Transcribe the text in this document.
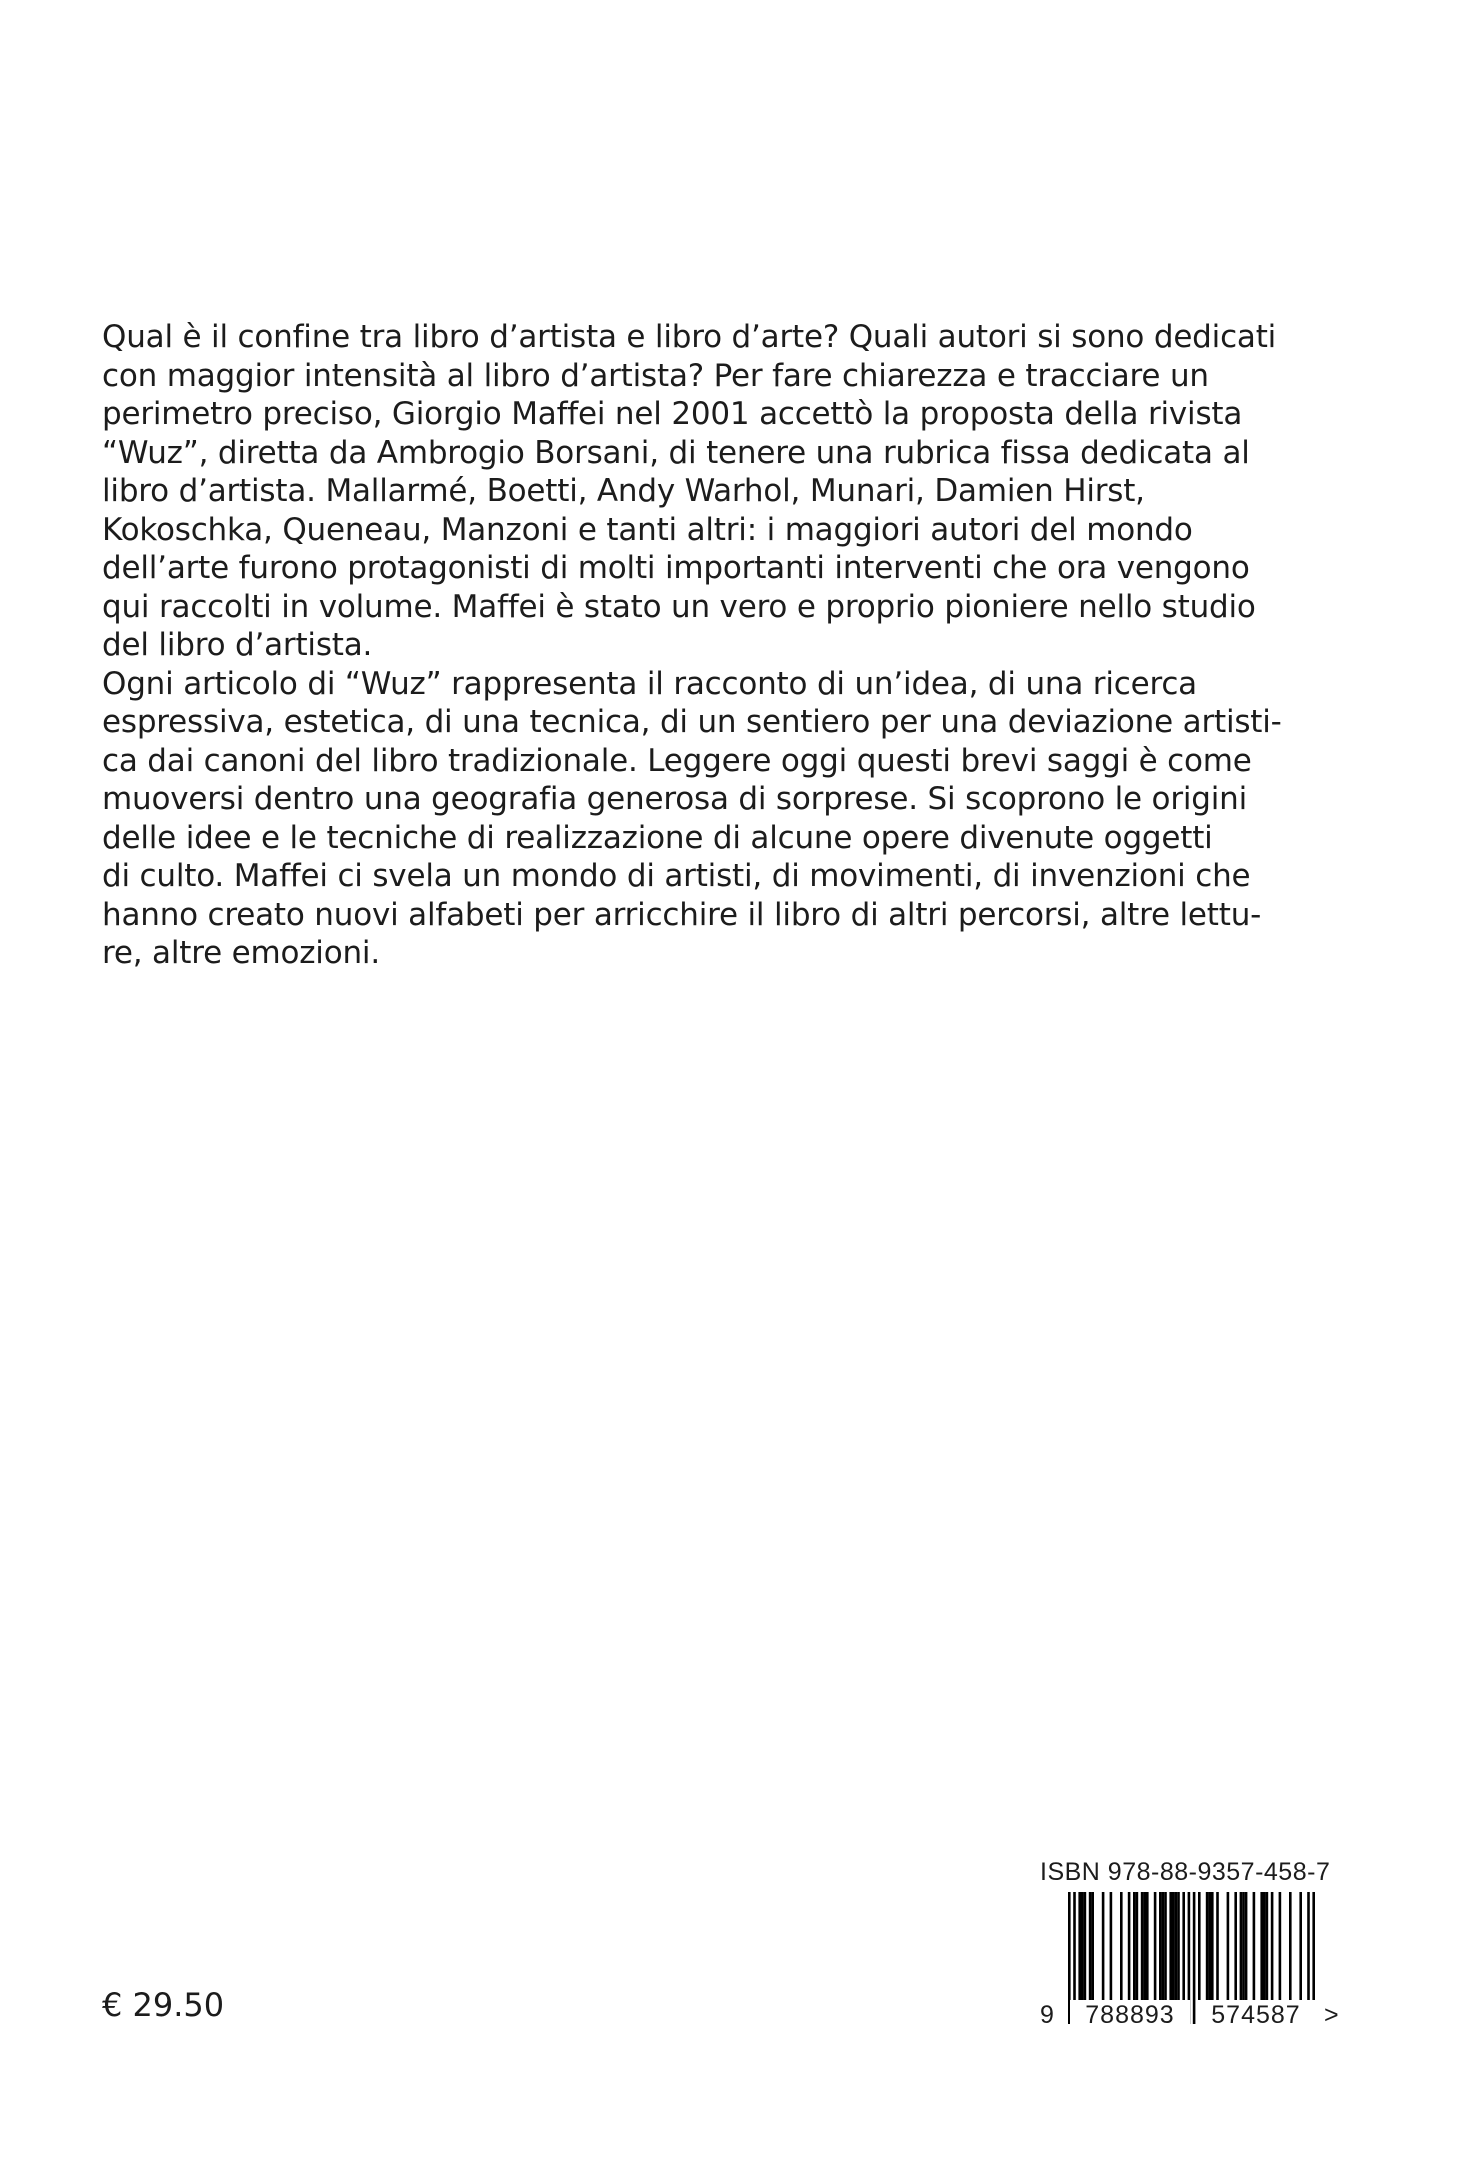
Qual è il confine tra libro d’artista e libro d’arte? Quali autori si sono dedicati
con maggior intensità al libro d’artista? Per fare chiarezza e tracciare un
perimetro preciso, Giorgio Maffei nel 2001 accettò la proposta della rivista
“Wuz”, diretta da Ambrogio Borsani, di tenere una rubrica fissa dedicata al
libro d’artista. Mallarmé, Boetti, Andy Warhol, Munari, Damien Hirst,
Kokoschka, Queneau, Manzoni e tanti altri: i maggiori autori del mondo
dell’arte furono protagonisti di molti importanti interventi che ora vengono
qui raccolti in volume. Maffei è stato un vero e proprio pioniere nello studio
del libro d’artista.
Ogni articolo di “Wuz” rappresenta il racconto di un’idea, di una ricerca
espressiva, estetica, di una tecnica, di un sentiero per una deviazione artisti-
ca dai canoni del libro tradizionale. Leggere oggi questi brevi saggi è come
muoversi dentro una geografia generosa di sorprese. Si scoprono le origini
delle idee e le tecniche di realizzazione di alcune opere divenute oggetti
di culto. Maffei ci svela un mondo di artisti, di movimenti, di invenzioni che
hanno creato nuovi alfabeti per arricchire il libro di altri percorsi, altre lettu-
re, altre emozioni.
ISBN 978-88-9357-458-7
9	788893	574587 >
€ 29.50
